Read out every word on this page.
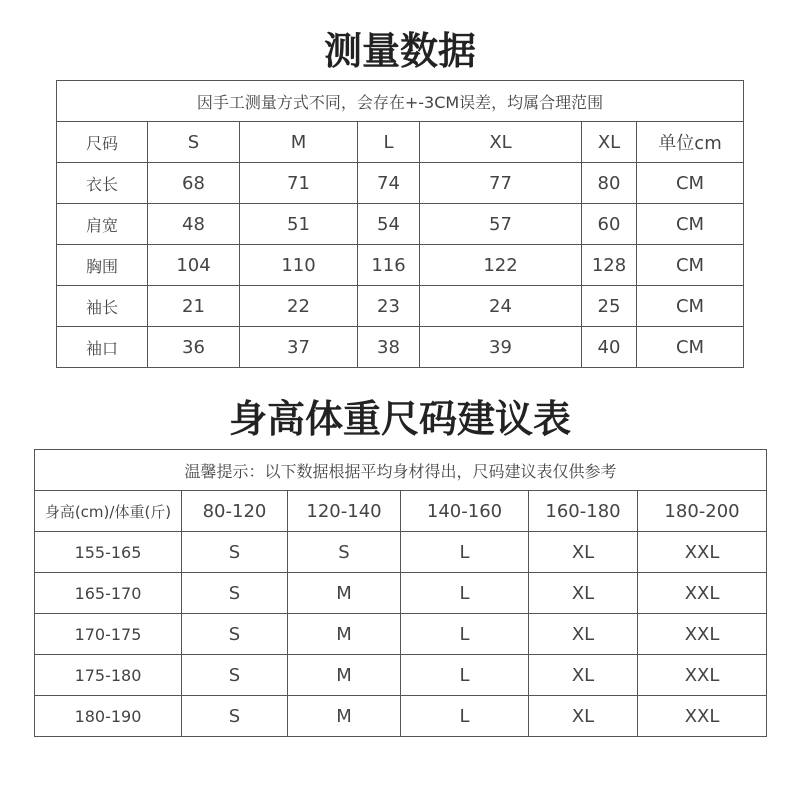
测量数据
因手工测量方式不同，会存在+-3CM误差，均属合理范围						
尺码	S	M	L	XL	XL	单位cm
衣长	68	71	74	77	80	CM
肩宽	48	51	54	57	60	CM
胸围	104	110	116	122	128	CM
袖长	21	22	23	24	25	CM
袖口	36	37	38	39	40	CM
身高体重尺码建议表
温馨提示：以下数据根据平均身材得出，尺码建议表仅供参考					
身高(cm)/体重(斤)	80-120	120-140	140-160	160-180	180-200
155-165	S	S	L	XL	XXL
165-170	S	M	L	XL	XXL
170-175	S	M	L	XL	XXL
175-180	S	M	L	XL	XXL
180-190	S	M	L	XL	XXL
